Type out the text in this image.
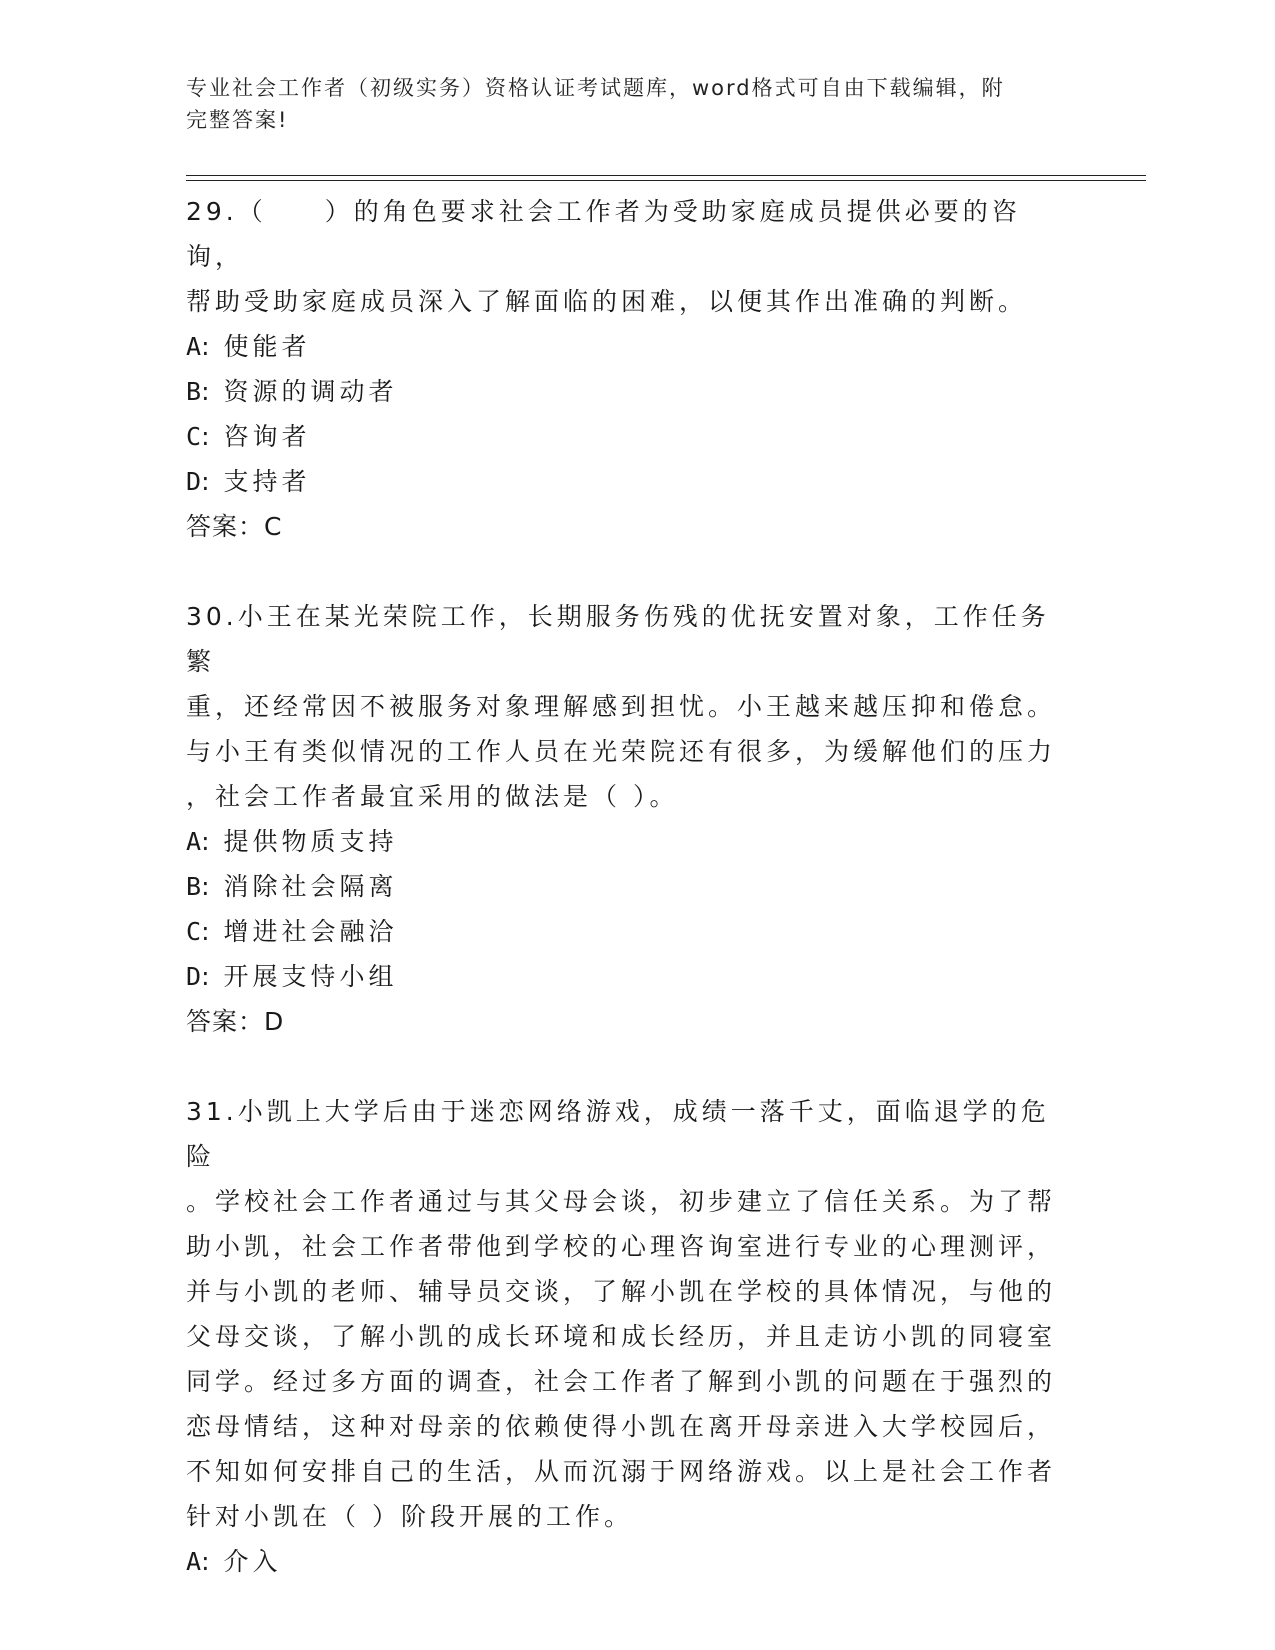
专业社会工作者（初级实务）资格认证考试题库，word格式可自由下载编辑，附
完整答案!

29.（　　）的角色要求社会工作者为受助家庭成员提供必要的咨询，

帮助受助家庭成员深入了解面临的困难，以便其作出准确的判断。

A: 使能者

B: 资源的调动者

C: 咨询者

D: 支持者

答案：C

30.小王在某光荣院工作，长期服务伤残的优抚安置对象，工作任务繁

重，还经常因不被服务对象理解感到担忧。小王越来越压抑和倦怠。

与小王有类似情况的工作人员在光荣院还有很多，为缓解他们的压力

，社会工作者最宜采用的做法是（ ）。

A: 提供物质支持

B: 消除社会隔离

C: 增进社会融洽

D: 开展支恃小组

答案：D

31.小凯上大学后由于迷恋网络游戏，成绩一落千丈，面临退学的危险

。学校社会工作者通过与其父母会谈，初步建立了信任关系。为了帮

助小凯，社会工作者带他到学校的心理咨询室进行专业的心理测评，

并与小凯的老师、辅导员交谈，了解小凯在学校的具体情况，与他的

父母交谈，了解小凯的成长环境和成长经历，并且走访小凯的同寝室

同学。经过多方面的调查，社会工作者了解到小凯的问题在于强烈的

恋母情结，这种对母亲的依赖使得小凯在离开母亲进入大学校园后，

不知如何安排自己的生活，从而沉溺于网络游戏。以上是社会工作者

针对小凯在（ ）阶段开展的工作。

A: 介入
